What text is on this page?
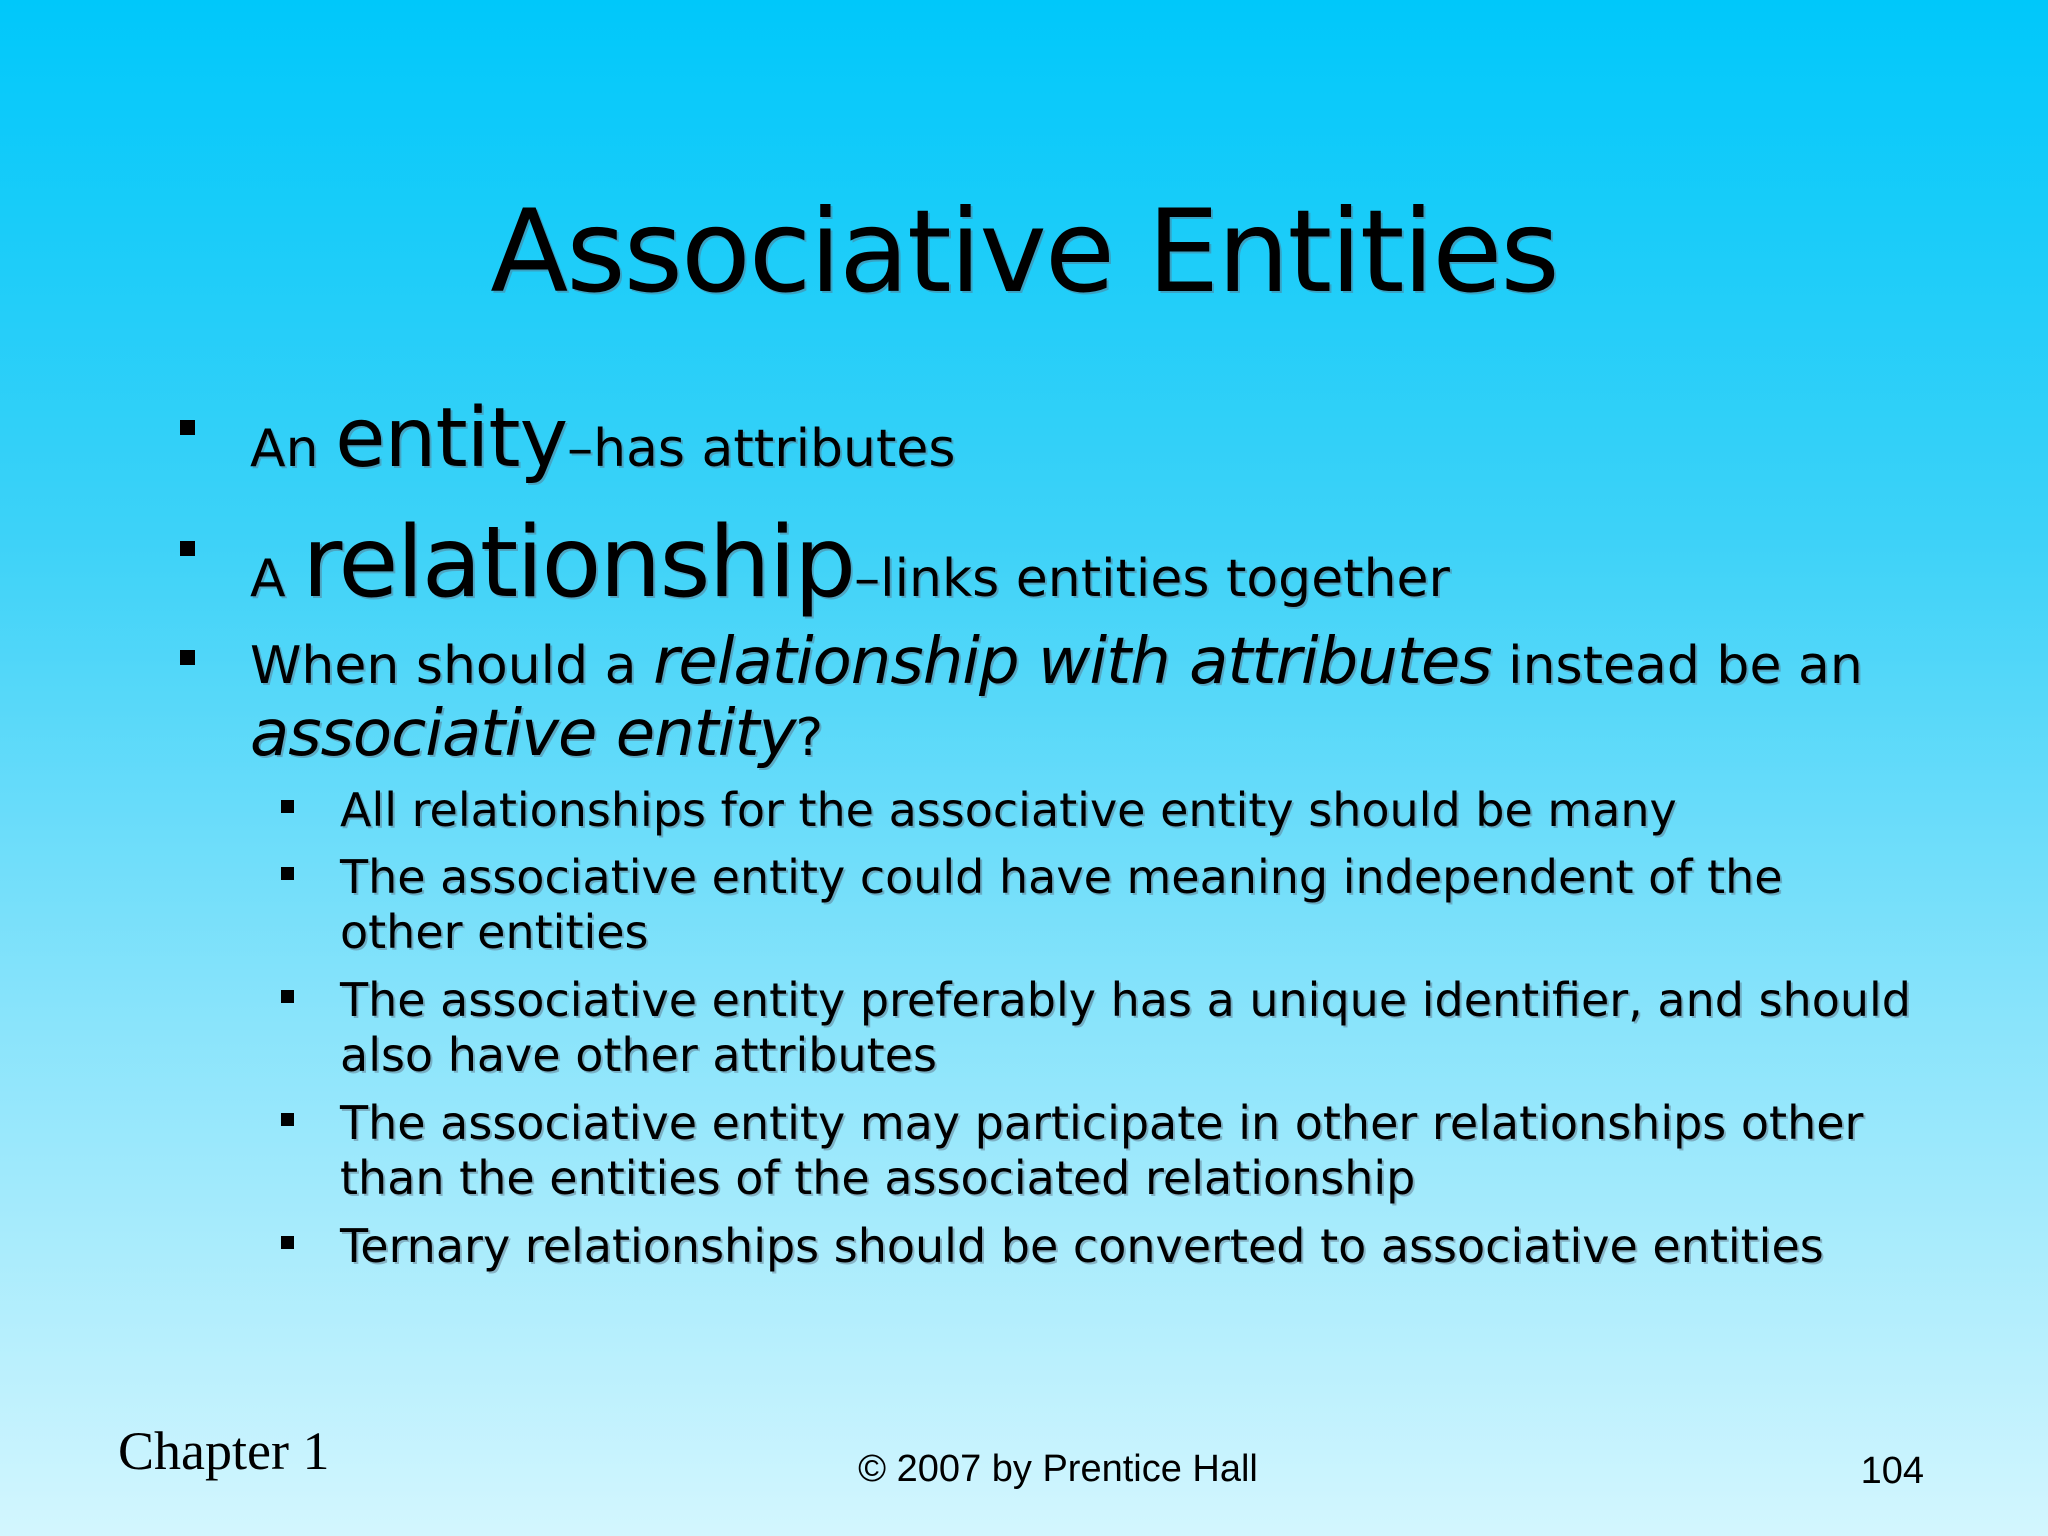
Associative Entities
An entity–has attributes
A relationship–links entities together
When should a relationship with attributes instead be an
associative entity?
All relationships for the associative entity should be many
The associative entity could have meaning independent of the
other entities
The associative entity preferably has a unique identifier, and should
also have other attributes
The associative entity may participate in other relationships other
than the entities of the associated relationship
Ternary relationships should be converted to associative entities
Chapter 1	© 2007 by Prentice Hall	104
